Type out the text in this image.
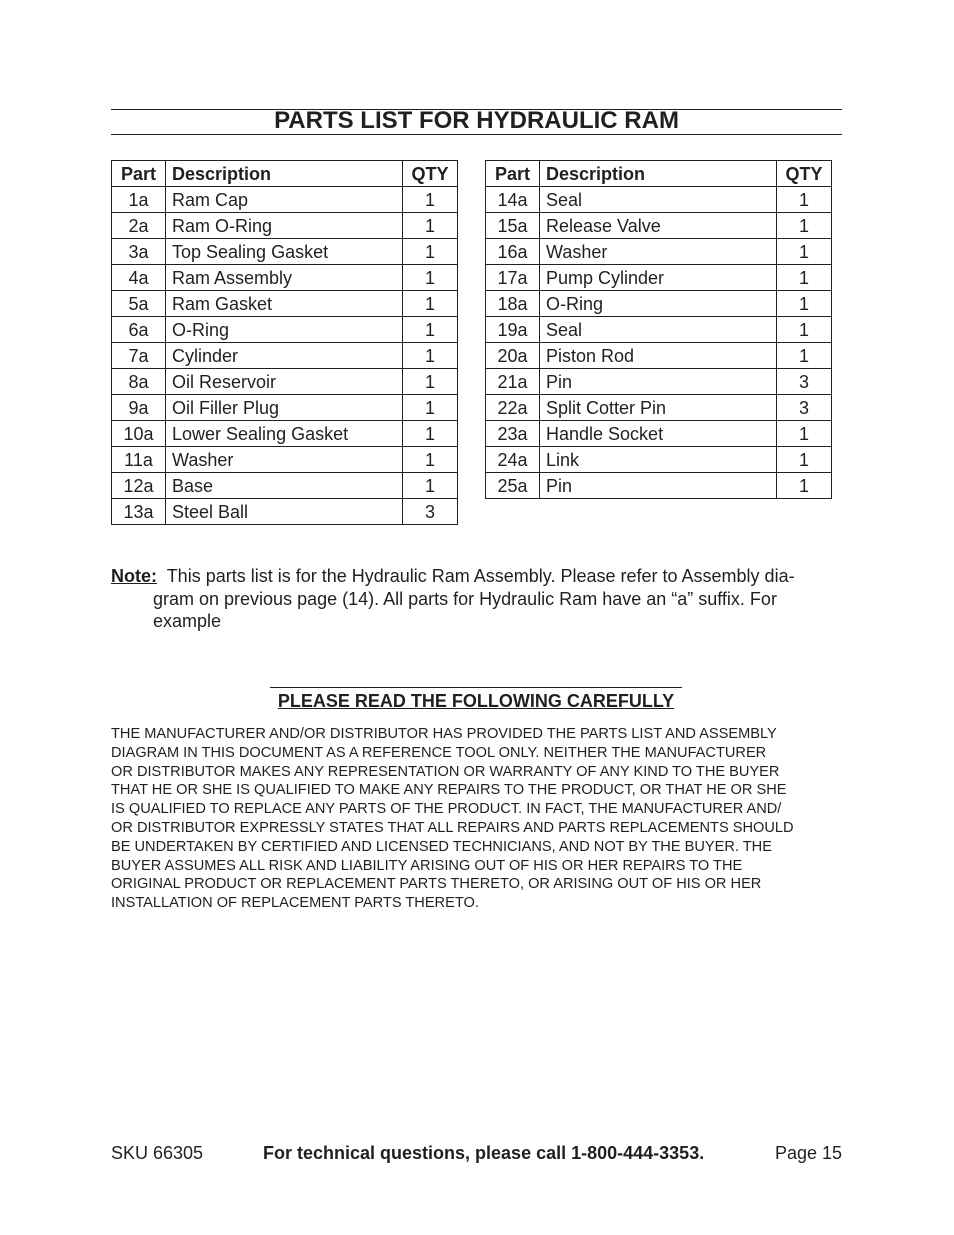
PARTS LIST FOR HYDRAULIC RAM
Part	Description	QTY
1a	Ram Cap	1
2a	Ram O-Ring	1
3a	Top Sealing Gasket	1
4a	Ram Assembly	1
5a	Ram Gasket	1
6a	O-Ring	1
7a	Cylinder	1
8a	Oil Reservoir	1
9a	Oil Filler Plug	1
10a	Lower Sealing Gasket	1
11a	Washer	1
12a	Base	1
13a	Steel Ball	3
Part	Description	QTY
14a	Seal	1
15a	Release Valve	1
16a	Washer	1
17a	Pump Cylinder	1
18a	O-Ring	1
19a	Seal	1
20a	Piston Rod	1
21a	Pin	3
22a	Split Cotter Pin	3
23a	Handle Socket	1
24a	Link	1
25a	Pin	1
Note: This parts list is for the Hydraulic Ram Assembly. Please refer to Assembly dia-
gram on previous page (14). All parts for Hydraulic Ram have an “a” suffix. For
example
PLEASE READ THE FOLLOWING CAREFULLY
THE MANUFACTURER AND/OR DISTRIBUTOR HAS PROVIDED THE PARTS LIST AND ASSEMBLY
DIAGRAM IN THIS DOCUMENT AS A REFERENCE TOOL ONLY. NEITHER THE MANUFACTURER
OR DISTRIBUTOR MAKES ANY REPRESENTATION OR WARRANTY OF ANY KIND TO THE BUYER
THAT HE OR SHE IS QUALIFIED TO MAKE ANY REPAIRS TO THE PRODUCT, OR THAT HE OR SHE
IS QUALIFIED TO REPLACE ANY PARTS OF THE PRODUCT. IN FACT, THE MANUFACTURER AND/
OR DISTRIBUTOR EXPRESSLY STATES THAT ALL REPAIRS AND PARTS REPLACEMENTS SHOULD
BE UNDERTAKEN BY CERTIFIED AND LICENSED TECHNICIANS, AND NOT BY THE BUYER. THE
BUYER ASSUMES ALL RISK AND LIABILITY ARISING OUT OF HIS OR HER REPAIRS TO THE
ORIGINAL PRODUCT OR REPLACEMENT PARTS THERETO, OR ARISING OUT OF HIS OR HER
INSTALLATION OF REPLACEMENT PARTS THERETO.
SKU 66305	For technical questions, please call 1-800-444-3353.	Page 15
